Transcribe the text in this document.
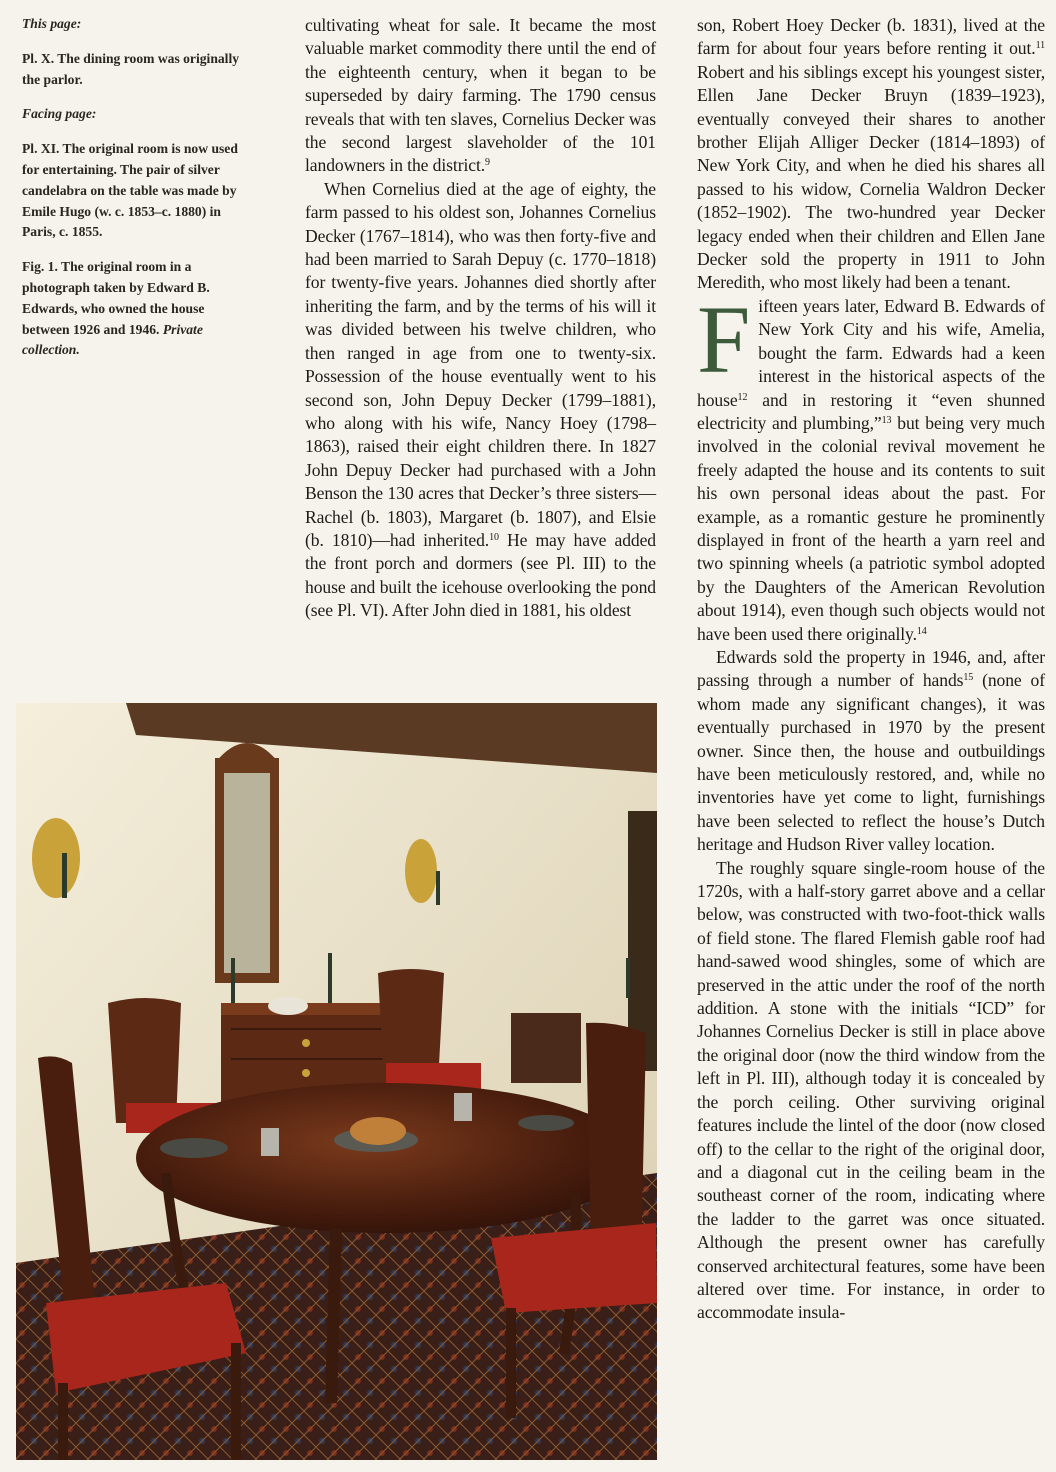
This page:

Pl. X. The dining room was originally the parlor.

Facing page:

Pl. XI. The original room is now used for entertaining. The pair of silver candelabra on the table was made by Emile Hugo (w. c. 1853–c. 1880) in Paris, c. 1855.

Fig. 1. The original room in a photograph taken by Edward B. Edwards, who owned the house between 1926 and 1946. Private collection.

cultivating wheat for sale. It became the most valuable market commodity there until the end of the eighteenth century, when it began to be superseded by dairy farming. The 1790 census reveals that with ten slaves, Cornelius Decker was the second largest slaveholder of the 101 landowners in the district.$^9$

When Cornelius died at the age of eighty, the farm passed to his oldest son, Johannes Cornelius Decker (1767–1814), who was then forty-five and had been married to Sarah Depuy (c. 1770–1818) for twenty-five years. Johannes died shortly after inheriting the farm, and by the terms of his will it was divided between his twelve children, who then ranged in age from one to twenty-six. Possession of the house eventually went to his second son, John Depuy Decker (1799–1881), who along with his wife, Nancy Hoey (1798–1863), raised their eight children there. In 1827 John Depuy Decker had purchased with a John Benson the 130 acres that Decker’s three sisters—Rachel (b. 1803), Margaret (b. 1807), and Elsie (b. 1810)—had inherited.$^{10}$ He may have added the front porch and dormers (see Pl. III) to the house and built the icehouse overlooking the pond (see Pl. VI). After John died in 1881, his oldest

son, Robert Hoey Decker (b. 1831), lived at the farm for about four years before renting it out.$^{11}$ Robert and his siblings except his youngest sister, Ellen Jane Decker Bruyn (1839–1923), eventually conveyed their shares to another brother Elijah Alliger Decker (1814–1893) of New York City, and when he died his shares all passed to his widow, Cornelia Waldron Decker (1852–1902). The two-hundred year Decker legacy ended when their children and Ellen Jane Decker sold the property in 1911 to John Meredith, who most likely had been a tenant.

Fifteen years later, Edward B. Edwards of New York City and his wife, Amelia, bought the farm. Edwards had a keen interest in the historical aspects of the house$^{12}$ and in restoring it “even shunned electricity and plumbing,”$^{13}$ but being very much involved in the colonial revival movement he freely adapted the house and its contents to suit his own personal ideas about the past. For example, as a romantic gesture he prominently displayed in front of the hearth a yarn reel and two spinning wheels (a patriotic symbol adopted by the Daughters of the American Revolution about 1914), even though such objects would not have been used there originally.$^{14}$

Edwards sold the property in 1946, and, after passing through a number of hands$^{15}$ (none of whom made any significant changes), it was eventually purchased in 1970 by the present owner. Since then, the house and outbuildings have been meticulously restored, and, while no inventories have yet come to light, furnishings have been selected to reflect the house’s Dutch heritage and Hudson River valley location.

The roughly square single-room house of the 1720s, with a half-story garret above and a cellar below, was constructed with two-foot-thick walls of field stone. The flared Flemish gable roof had hand-sawed wood shingles, some of which are preserved in the attic under the roof of the north addition. A stone with the initials “ICD” for Johannes Cornelius Decker is still in place above the original door (now the third window from the left in Pl. III), although today it is concealed by the porch ceiling. Other surviving original features include the lintel of the door (now closed off) to the cellar to the right of the original door, and a diagonal cut in the ceiling beam in the southeast corner of the room, indicating where the ladder to the garret was once situated. Although the present owner has carefully conserved architectural features, some have been altered over time. For instance, in order to accommodate insula-
